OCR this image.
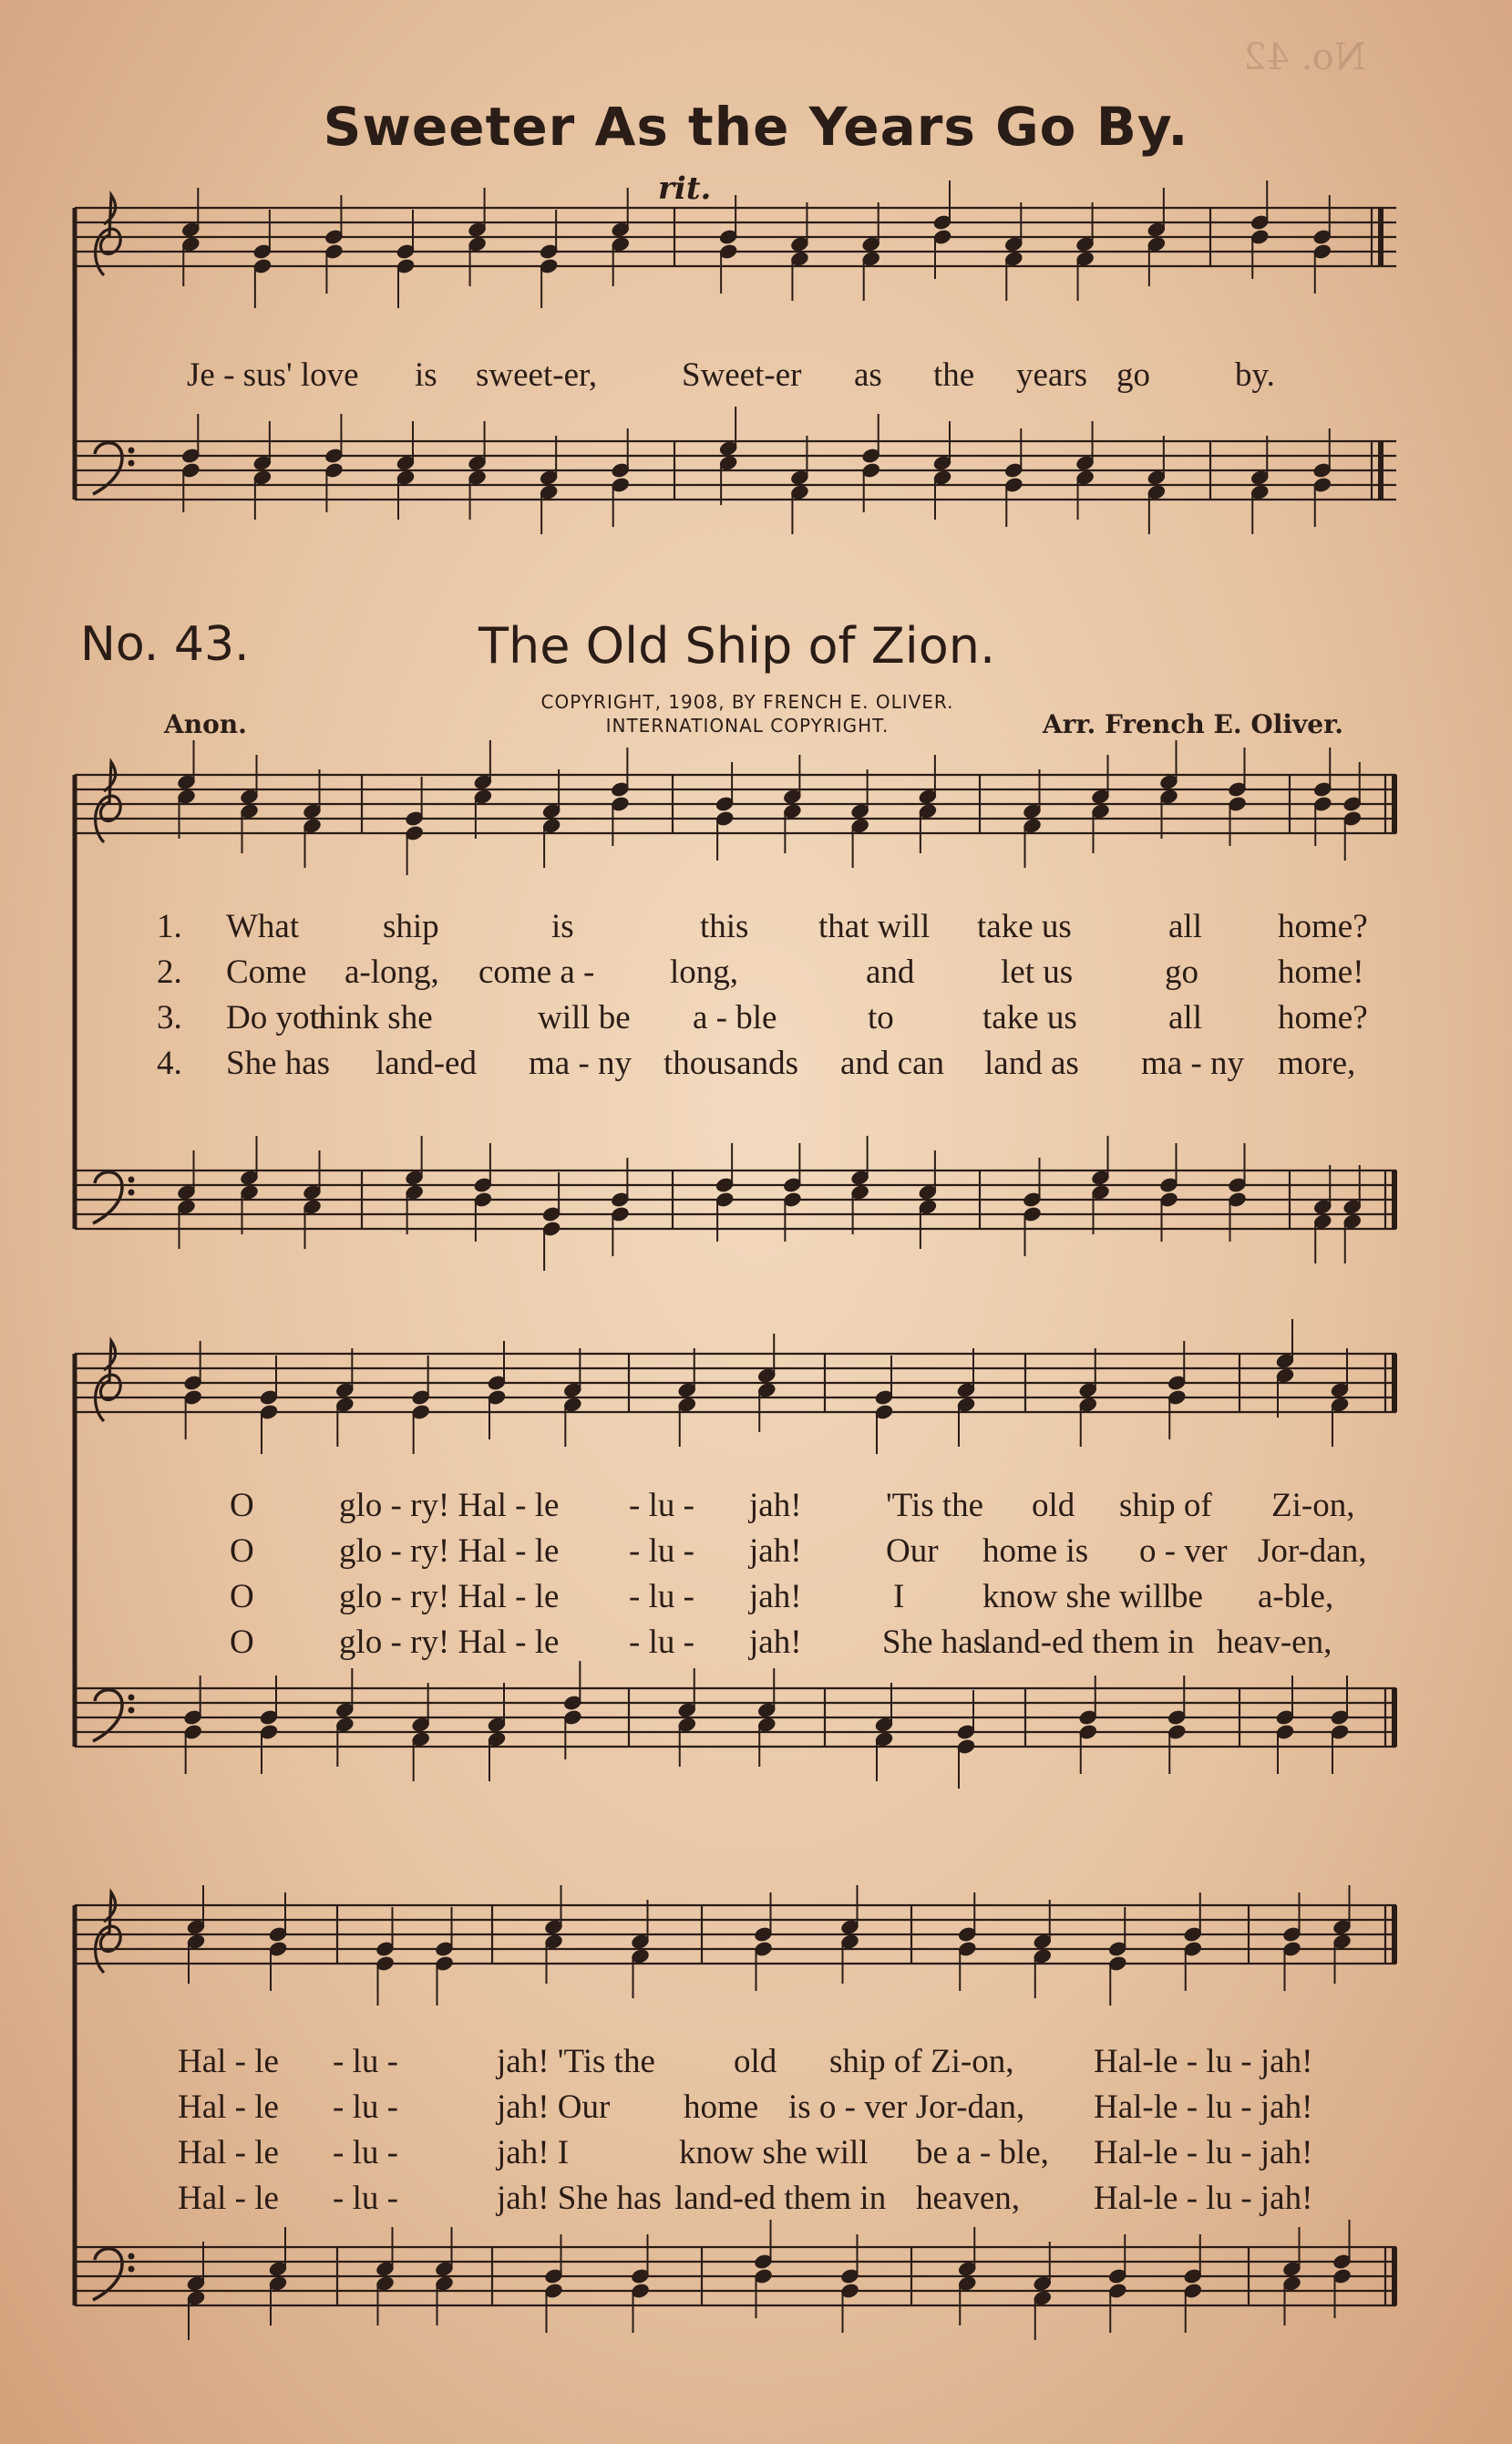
No. 42
Sweeter As the Years Go By.
rit.
Je - sus' love is sweet-er,	Sweet-er as the years go	by.
No. 43.	The Old Ship of Zion.
COPYRIGHT, 1908, BY FRENCH E. OLIVER.
INTERNATIONAL COPYRIGHT.
Anon.	Arr. French E. Oliver.
1. What ship	is	this that will take us	all home?
2. Come a-long, come a - long,	and	let us	go home!
3. Do you
think she	will be a - ble	to	take us	all home?
4. She has land-ed ma - ny thousands and can land as ma - ny more,
O	glo - ry! Hal - le - lu - jah! 'Tis the old ship of Zi-on,
O	glo - ry! Hal - le - lu - jah! Our home is o - ver Jor-dan,
O	glo - ry! Hal - le - lu - jah!	I know she will be a-ble,
O	glo - ry! Hal - le - lu - jah! She has
land-ed them in heav-en,
Hal - le - lu -	jah! 'Tis the old ship of Zi-on, Hal-le - lu - jah!
Hal - le - lu -	jah! Our home is o - ver Jor-dan, Hal-le - lu - jah!
Hal - le - lu -	jah! I	know she will be a - ble, Hal-le - lu - jah!
Hal - le - lu -	jah! She has land-ed them in heaven, Hal-le - lu - jah!
